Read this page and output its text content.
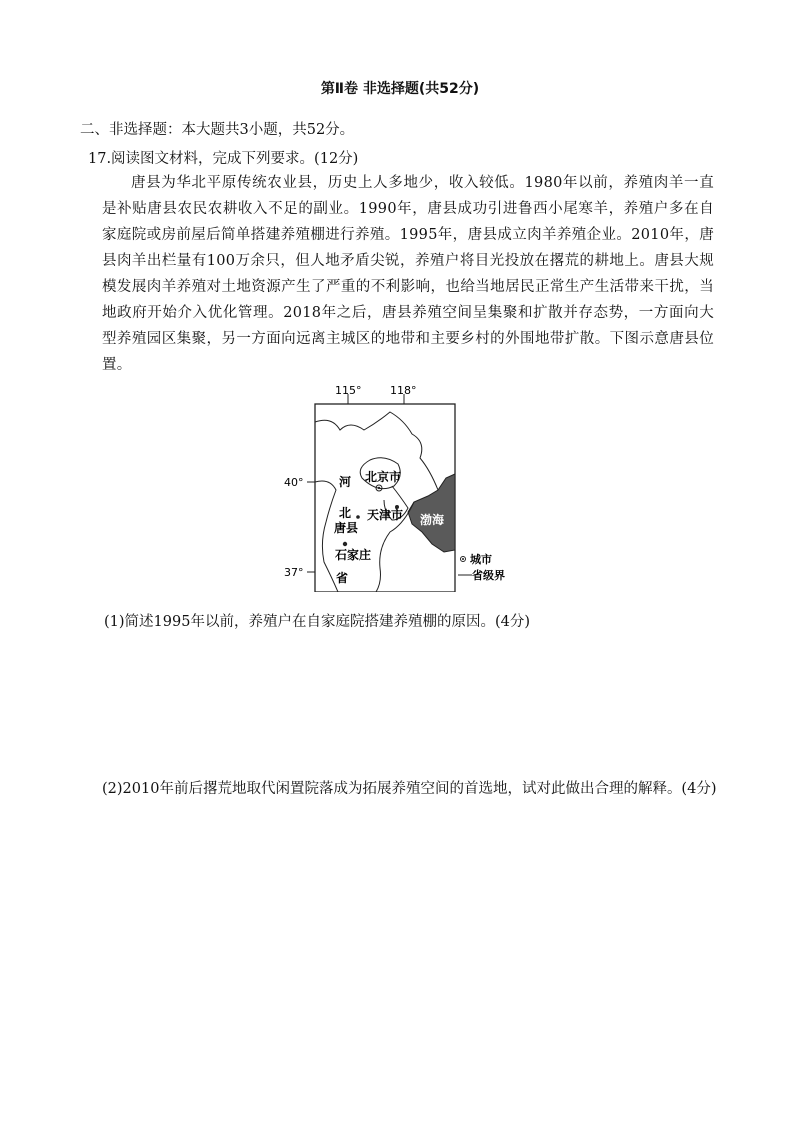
第Ⅱ卷 非选择题(共52分)
二、非选择题：本大题共3小题，共52分。
17.阅读图文材料，完成下列要求。(12分)
唐县为华北平原传统农业县，历史上人多地少，收入较低。1980年以前，养殖肉羊一直是补贴唐县农民农耕收入不足的副业。1990年，唐县成功引进鲁西小尾寒羊，养殖户多在自家庭院或房前屋后简单搭建养殖棚进行养殖。1995年，唐县成立肉羊养殖企业。2010年，唐县肉羊出栏量有100万余只，但人地矛盾尖锐，养殖户将目光投放在撂荒的耕地上。唐县大规模发展肉羊养殖对土地资源产生了严重的不利影响，也给当地居民正常生产生活带来干扰，当地政府开始介入优化管理。2018年之后，唐县养殖空间呈集聚和扩散并存态势，一方面向大型养殖园区集聚，另一方面向远离主城区的地带和主要乡村的外围地带扩散。下图示意唐县位置。
115°	118°
40°
37°
河
北
省
北京市
天津市
唐县
石家庄
渤海
城市
省级界
(1)简述1995年以前，养殖户在自家庭院搭建养殖棚的原因。(4分)
(2)2010年前后撂荒地取代闲置院落成为拓展养殖空间的首选地，试对此做出合理的解释。(4分)
